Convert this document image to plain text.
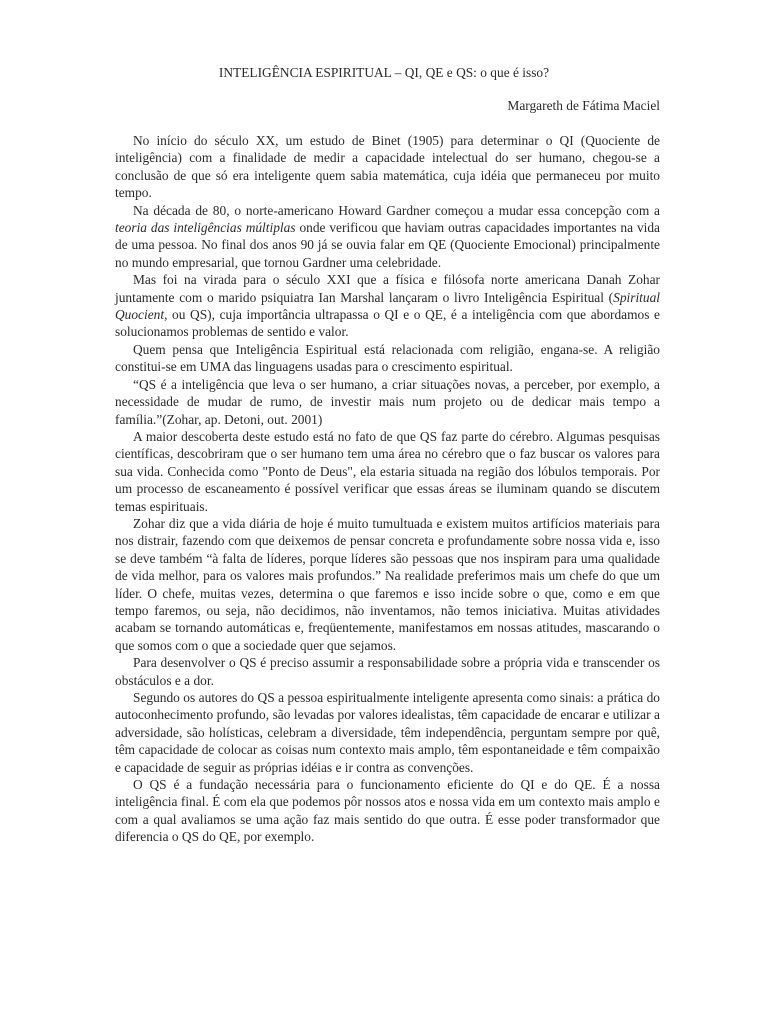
INTELIGÊNCIA ESPIRITUAL – QI, QE e QS: o que é isso?

Margareth de Fátima Maciel

No início do século XX, um estudo de Binet (1905) para determinar o QI (Quociente de inteligência) com a finalidade de medir a capacidade intelectual do ser humano, chegou-se a conclusão de que só era inteligente quem sabia matemática, cuja idéia que permaneceu por muito tempo.

Na década de 80, o norte-americano Howard Gardner começou a mudar essa concepção com a teoria das inteligências múltiplas onde verificou que haviam outras capacidades importantes na vida de uma pessoa. No final dos anos 90 já se ouvia falar em QE (Quociente Emocional) principalmente no mundo empresarial, que tornou Gardner uma celebridade.

Mas foi na virada para o século XXI que a física e filósofa norte americana Danah Zohar juntamente com o marido psiquiatra Ian Marshal lançaram o livro Inteligência Espiritual (Spiritual Quocient, ou QS), cuja importância ultrapassa o QI e o QE, é a inteligência com que abordamos e solucionamos problemas de sentido e valor.

Quem pensa que Inteligência Espiritual está relacionada com religião, engana-se. A religião constitui-se em UMA das linguagens usadas para o crescimento espiritual.

“QS é a inteligência que leva o ser humano, a criar situações novas, a perceber, por exemplo, a necessidade de mudar de rumo, de investir mais num projeto ou de dedicar mais tempo a família.”(Zohar, ap. Detoni, out. 2001)

A maior descoberta deste estudo está no fato de que QS faz parte do cérebro. Algumas pesquisas científicas, descobriram que o ser humano tem uma área no cérebro que o faz buscar os valores para sua vida. Conhecida como "Ponto de Deus", ela estaria situada na região dos lóbulos temporais. Por um processo de escaneamento é possível verificar que essas áreas se iluminam quando se discutem temas espirituais.

Zohar diz que a vida diária de hoje é muito tumultuada e existem muitos artifícios materiais para nos distrair, fazendo com que deixemos de pensar concreta e profundamente sobre nossa vida e, isso se deve também “à falta de líderes, porque líderes são pessoas que nos inspiram para uma qualidade de vida melhor, para os valores mais profundos.” Na realidade preferimos mais um chefe do que um líder. O chefe, muitas vezes, determina o que faremos e isso incide sobre o que, como e em que tempo faremos, ou seja, não decidimos, não inventamos, não temos iniciativa. Muitas atividades acabam se tornando automáticas e, freqüentemente, manifestamos em nossas atitudes, mascarando o que somos com o que a sociedade quer que sejamos.

Para desenvolver o QS é preciso assumir a responsabilidade sobre a própria vida e transcender os obstáculos e a dor.

Segundo os autores do QS a pessoa espiritualmente inteligente apresenta como sinais: a prática do autoconhecimento profundo, são levadas por valores idealistas, têm capacidade de encarar e utilizar a adversidade, são holísticas, celebram a diversidade, têm independência, perguntam sempre por quê, têm capacidade de colocar as coisas num contexto mais amplo, têm espontaneidade e têm compaixão e capacidade de seguir as próprias idéias e ir contra as convenções.

O QS é a fundação necessária para o funcionamento eficiente do QI e do QE. É a nossa inteligência final. É com ela que podemos pôr nossos atos e nossa vida em um contexto mais amplo e com a qual avaliamos se uma ação faz mais sentido do que outra. É esse poder transformador que diferencia o QS do QE, por exemplo.
